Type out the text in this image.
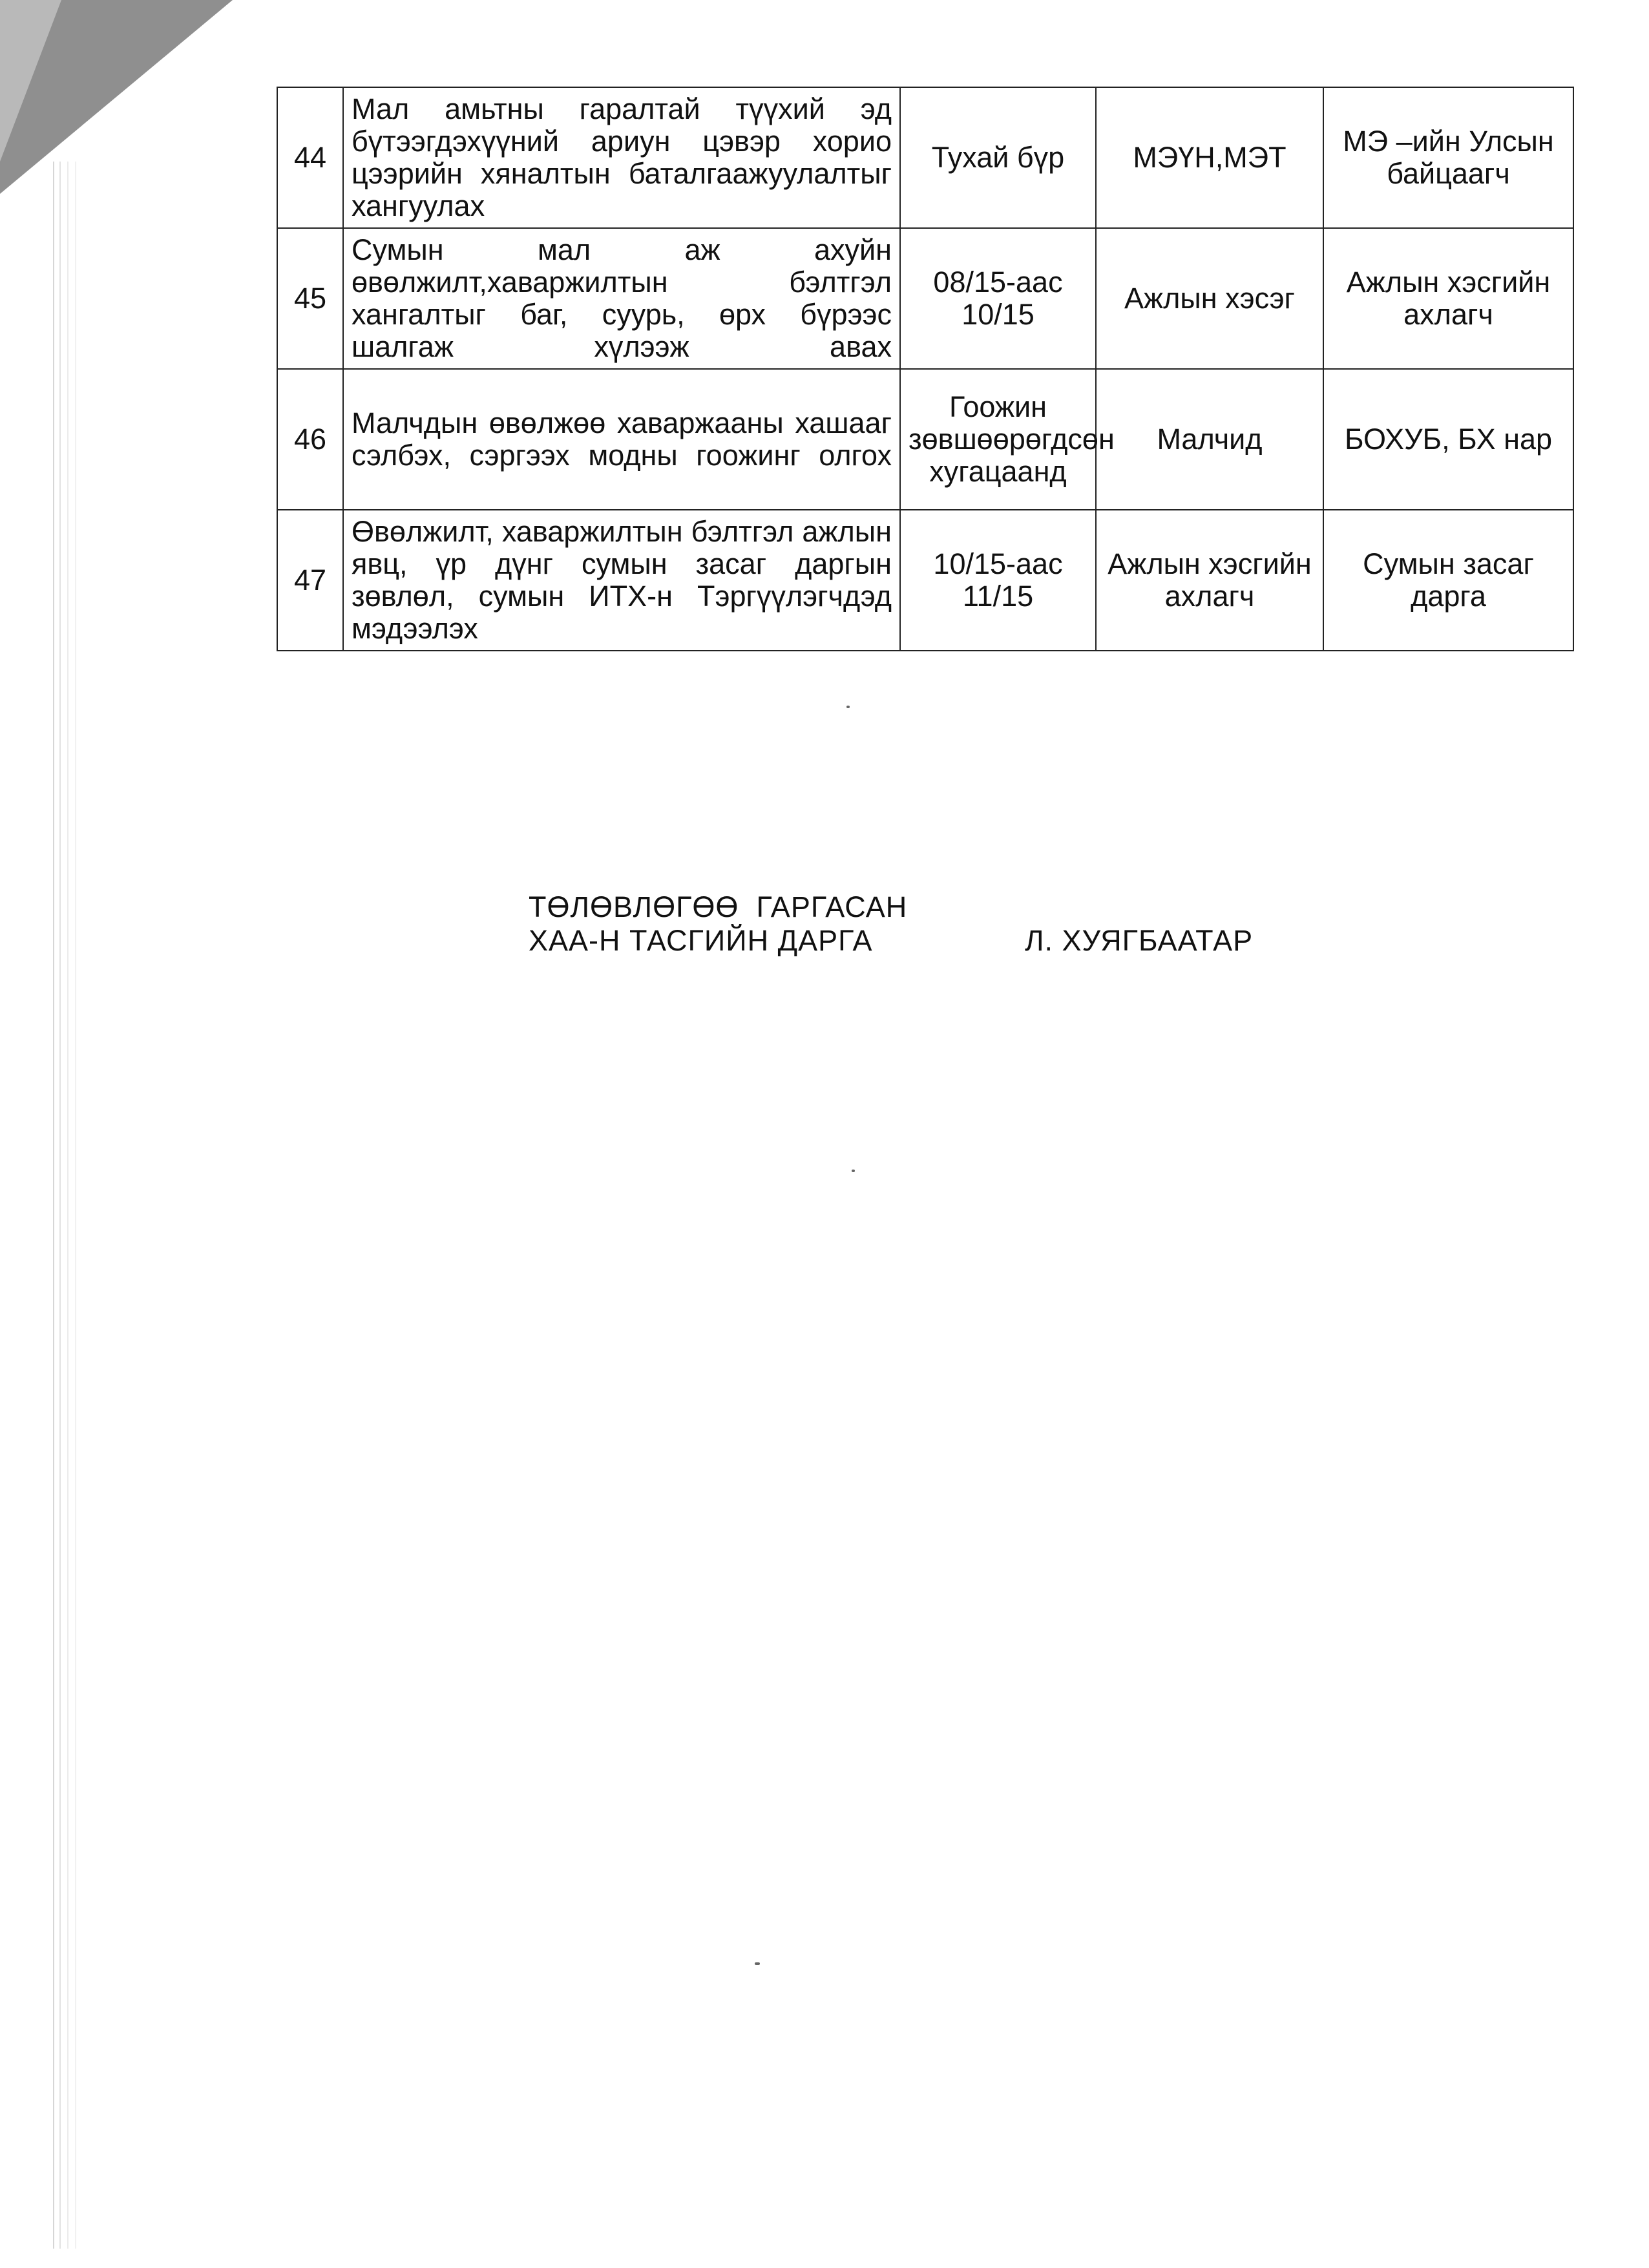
44	Мал амьтны гаралтай түүхий эд бүтээгдэхүүний ариун цэвэр хорио цээрийн хяналтын баталгаажуулалтыг хангуулах	Тухай бүр	МЭҮН,МЭТ	МЭ –ийн Улсын байцаагч
45	Сумын мал аж ахуйн өвөлжилт,хаваржилтын бэлтгэл хангалтыг баг, суурь, өрх бүрээс шалгаж хүлээж авах	08/15-аас 10/15	Ажлын хэсэг	Ажлын хэсгийн ахлагч
46	Малчдын өвөлжөө хаваржааны хашааг сэлбэх, сэргээх модны гоожинг олгох	Гоожин зөвшөөрөгдсөн хугацаанд	Малчид	БОХУБ, БХ нар
47	Өвөлжилт, хаваржилтын бэлтгэл ажлын явц, үр дүнг сумын засаг даргын зөвлөл, сумын ИТХ-н Тэргүүлэгчдэд мэдээлэх	10/15-аас 11/15	Ажлын хэсгийн ахлагч	Сумын засаг дарга
ТӨЛӨВЛӨГӨӨ  ГАРГАСАН
ХАА-Н ТАСГИЙН ДАРГА	Л. ХУЯГБААТАР
